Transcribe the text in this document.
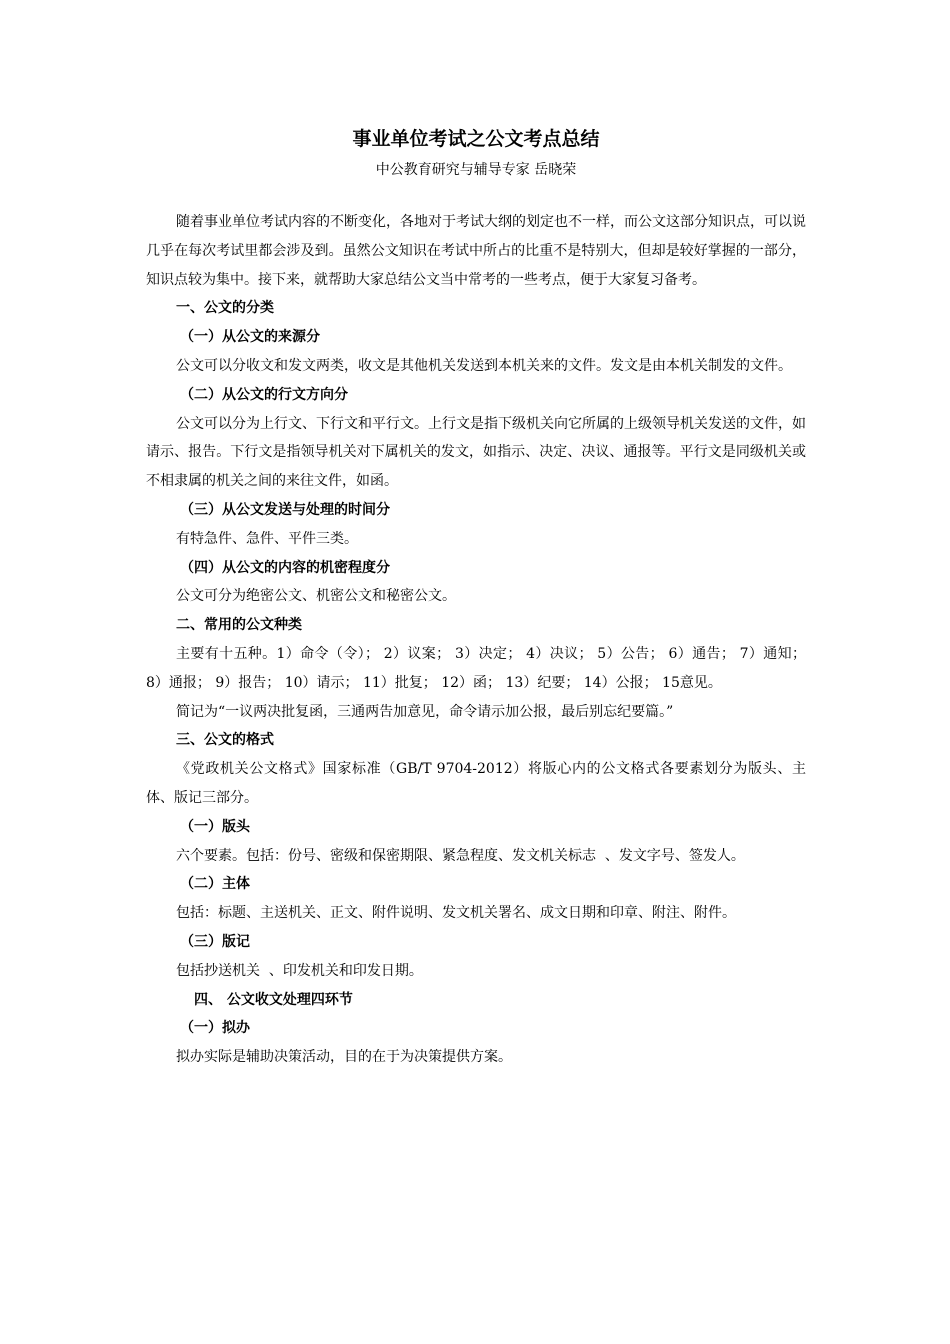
事业单位考试之公文考点总结
中公教育研究与辅导专家 岳晓荣

随着事业单位考试内容的不断变化，各地对于考试大纲的划定也不一样，而公文这部分知识点，可以说几乎在每次考试里都会涉及到。虽然公文知识在考试中所占的比重不是特别大，但却是较好掌握的一部分，知识点较为集中。接下来，就帮助大家总结公文当中常考的一些考点，便于大家复习备考。

一、公文的分类

（一）从公文的来源分

公文可以分收文和发文两类，收文是其他机关发送到本机关来的文件。发文是由本机关制发的文件。

（二）从公文的行文方向分

公文可以分为上行文、下行文和平行文。上行文是指下级机关向它所属的上级领导机关发送的文件，如请示、报告。下行文是指领导机关对下属机关的发文，如指示、决定、决议、通报等。平行文是同级机关或不相隶属的机关之间的来往文件，如函。

（三）从公文发送与处理的时间分

有特急件、急件、平件三类。

（四）从公文的内容的机密程度分

公文可分为绝密公文、机密公文和秘密公文。

二、常用的公文种类

主要有十五种。1）命令（令）； 2）议案； 3）决定； 4）决议； 5）公告； 6）通告； 7）通知； 8）通报； 9）报告； 10）请示； 11）批复； 12）函； 13）纪要； 14）公报； 15意见。

简记为“一议两决批复函，三通两告加意见，命令请示加公报，最后别忘纪要篇。”

三、公文的格式

《党政机关公文格式》国家标准（GB/T 9704-2012）将版心内的公文格式各要素划分为版头、主体、版记三部分。

（一）版头

六个要素。包括：份号、密级和保密期限、紧急程度、发文机关标志  、发文字号、签发人。

（二）主体

包括：标题、主送机关、正文、附件说明、发文机关署名、成文日期和印章、附注、附件。

（三）版记

包括抄送机关  、印发机关和印发日期。

四、 公文收文处理四环节

（一）拟办

拟办实际是辅助决策活动，目的在于为决策提供方案。
